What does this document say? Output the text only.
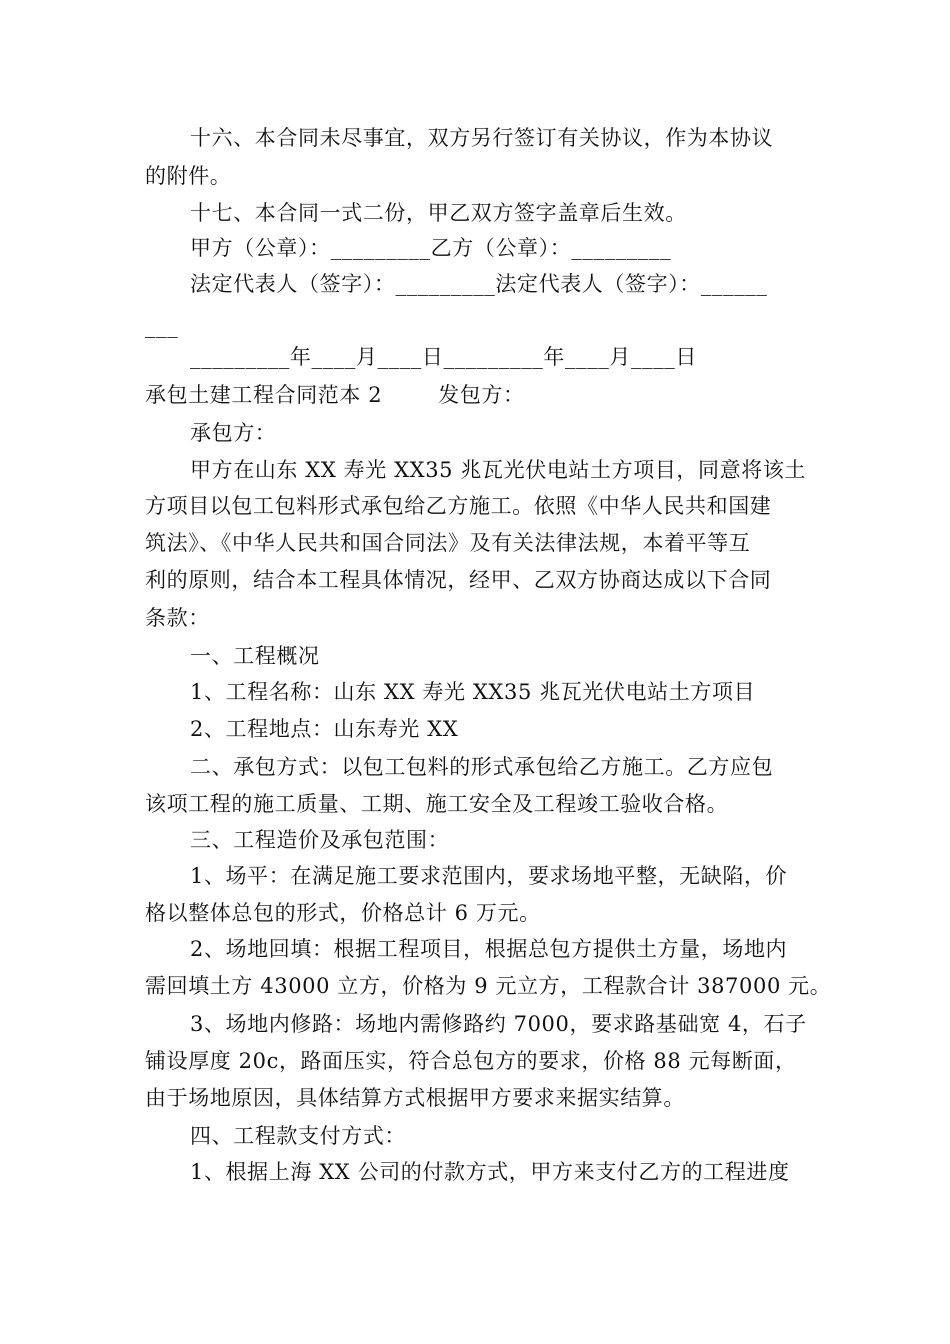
十六、本合同未尽事宜，双方另行签订有关协议，作为本协议
的附件。
十七、本合同一式二份，甲乙双方签字盖章后生效。
甲方（公章）：_________乙方（公章）：_________
法定代表人（签字）：_________法定代表人（签字）：______
___
_________年____月____日_________年____月____日
承包土建工程合同范本 2	发包方：
承包方：
甲方在山东 XX 寿光 XX35 兆瓦光伏电站土方项目，同意将该土
方项目以包工包料形式承包给乙方施工。依照《中华人民共和国建
筑法》、《中华人民共和国合同法》及有关法律法规，本着平等互
利的原则，结合本工程具体情况，经甲、乙双方协商达成以下合同
条款：
一、工程概况
1、工程名称：山东 XX 寿光 XX35 兆瓦光伏电站土方项目
2、工程地点：山东寿光 XX
二、承包方式：以包工包料的形式承包给乙方施工。乙方应包
该项工程的施工质量、工期、施工安全及工程竣工验收合格。
三、工程造价及承包范围：
1、场平：在满足施工要求范围内，要求场地平整，无缺陷，价
格以整体总包的形式，价格总计 6 万元。
2、场地回填：根据工程项目，根据总包方提供土方量，场地内
需回填土方 43000 立方，价格为 9 元立方，工程款合计 387000 元。
3、场地内修路：场地内需修路约 7000，要求路基础宽 4，石子
铺设厚度 20c，路面压实，符合总包方的要求，价格 88 元每断面，
由于场地原因，具体结算方式根据甲方要求来据实结算。
四、工程款支付方式：
1、根据上海 XX 公司的付款方式，甲方来支付乙方的工程进度
